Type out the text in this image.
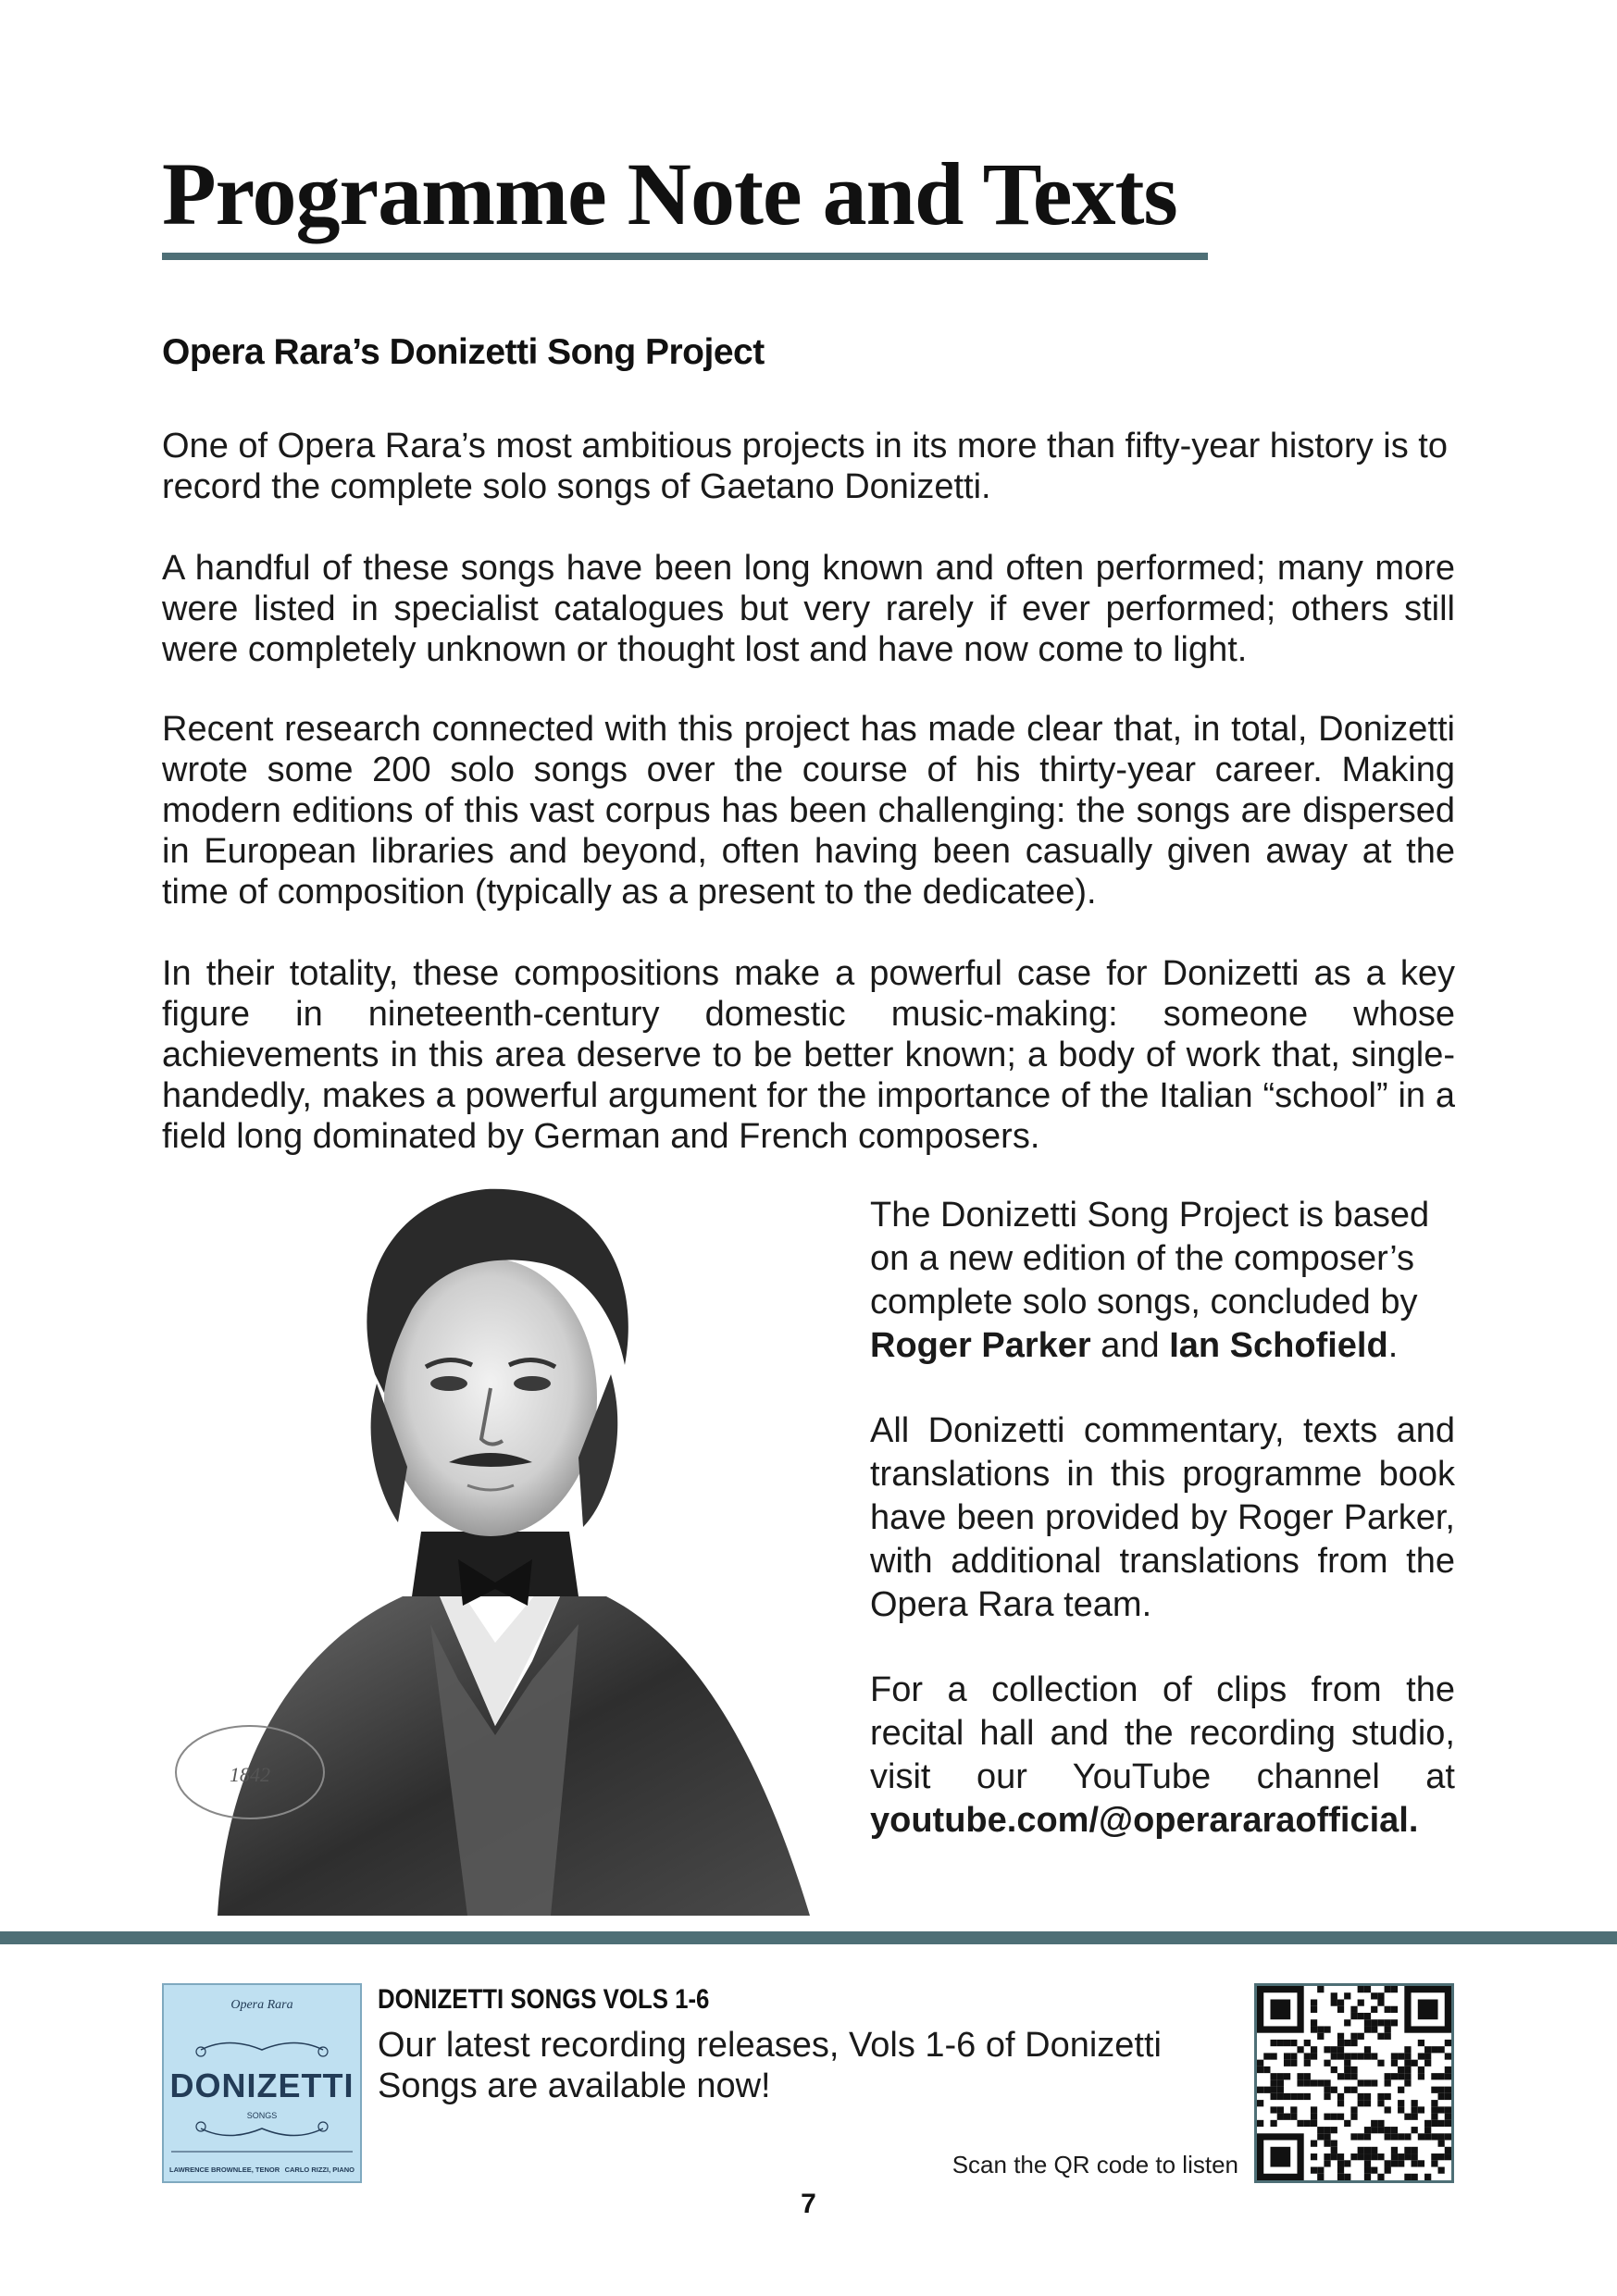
Programme Note and Texts
Opera Rara’s Donizetti Song Project

One of Opera Rara’s most ambitious projects in its more than fifty-year history is to record the complete solo songs of Gaetano Donizetti.

A handful of these songs have been long known and often performed; many more were listed in specialist catalogues but very rarely if ever performed; others still were completely unknown or thought lost and have now come to light.

Recent research connected with this project has made clear that, in total, Donizetti wrote some 200 solo songs over the course of his thirty-year career. Making modern editions of this vast corpus has been challenging: the songs are dispersed in European libraries and beyond, often having been casually given away at the time of composition (typically as a present to the dedicatee).

In their totality, these compositions make a powerful case for Donizetti as a key figure in nineteenth-century domestic music-making: someone whose achievements in this area deserve to be better known; a body of work that, single-handedly, makes a powerful argument for the importance of the Italian “school” in a field long dominated by German and French composers.

1842

The Donizetti Song Project is based on a new edition of the composer’s complete solo songs, concluded by Roger Parker and Ian Schofield.

All Donizetti commentary, texts and translations in this programme book have been provided by Roger Parker, with additional translations from the Opera Rara team.

For a collection of clips from the recital hall and the recording studio, visit our YouTube channel at youtube.com/@operararaofficial.

Opera Rara
DONIZETTI
SONGS
LAWRENCE BROWNLEE, TENOR CARLO RIZZI, PIANO
DONIZETTI SONGS VOLS 1-6

Our latest recording releases, Vols 1-6 of Donizetti Songs are available now!

Scan the QR code to listen
7
